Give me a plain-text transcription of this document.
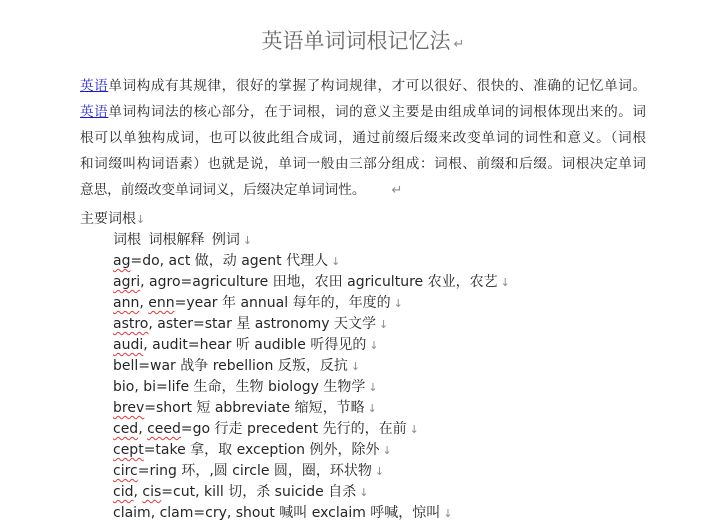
英语单词词根记忆法 ↵
英语单词构成有其规律，很好的掌握了构词规律，才可以很好、很快的、准确的记忆单词。
英语单词构词法的核心部分，在于词根，词的意义主要是由组成单词的词根体现出来的。词
根可以单独构成词，也可以彼此组合成词，通过前缀后缀来改变单词的词性和意义。（词根
和词缀叫构词语素）也就是说，单词一般由三部分组成：词根、前缀和后缀。词根决定单词
意思，前缀改变单词词义，后缀决定单词词性。 ↵
主要词根↓
词根 词根解释 例词 ↓
ag=do, act 做，动 agent 代理人 ↓
agri, agro=agriculture 田地，农田 agriculture 农业，农艺 ↓
ann, enn=year 年 annual 每年的，年度的 ↓
astro, aster=star 星 astronomy 天文学 ↓
audi, audit=hear 听 audible 听得见的 ↓
bell=war 战争 rebellion 反叛，反抗 ↓
bio, bi=life 生命，生物 biology 生物学 ↓
brev=short 短 abbreviate 缩短，节略 ↓
ced, ceed=go 行走 precedent 先行的，在前 ↓
cept=take 拿，取 exception 例外，除外 ↓
circ=ring 环，,圆 circle 圆，圈，环状物 ↓
cid, cis=cut, kill 切，杀 suicide 自杀 ↓
claim, clam=cry, shout 喊叫 exclaim 呼喊，惊叫 ↓
